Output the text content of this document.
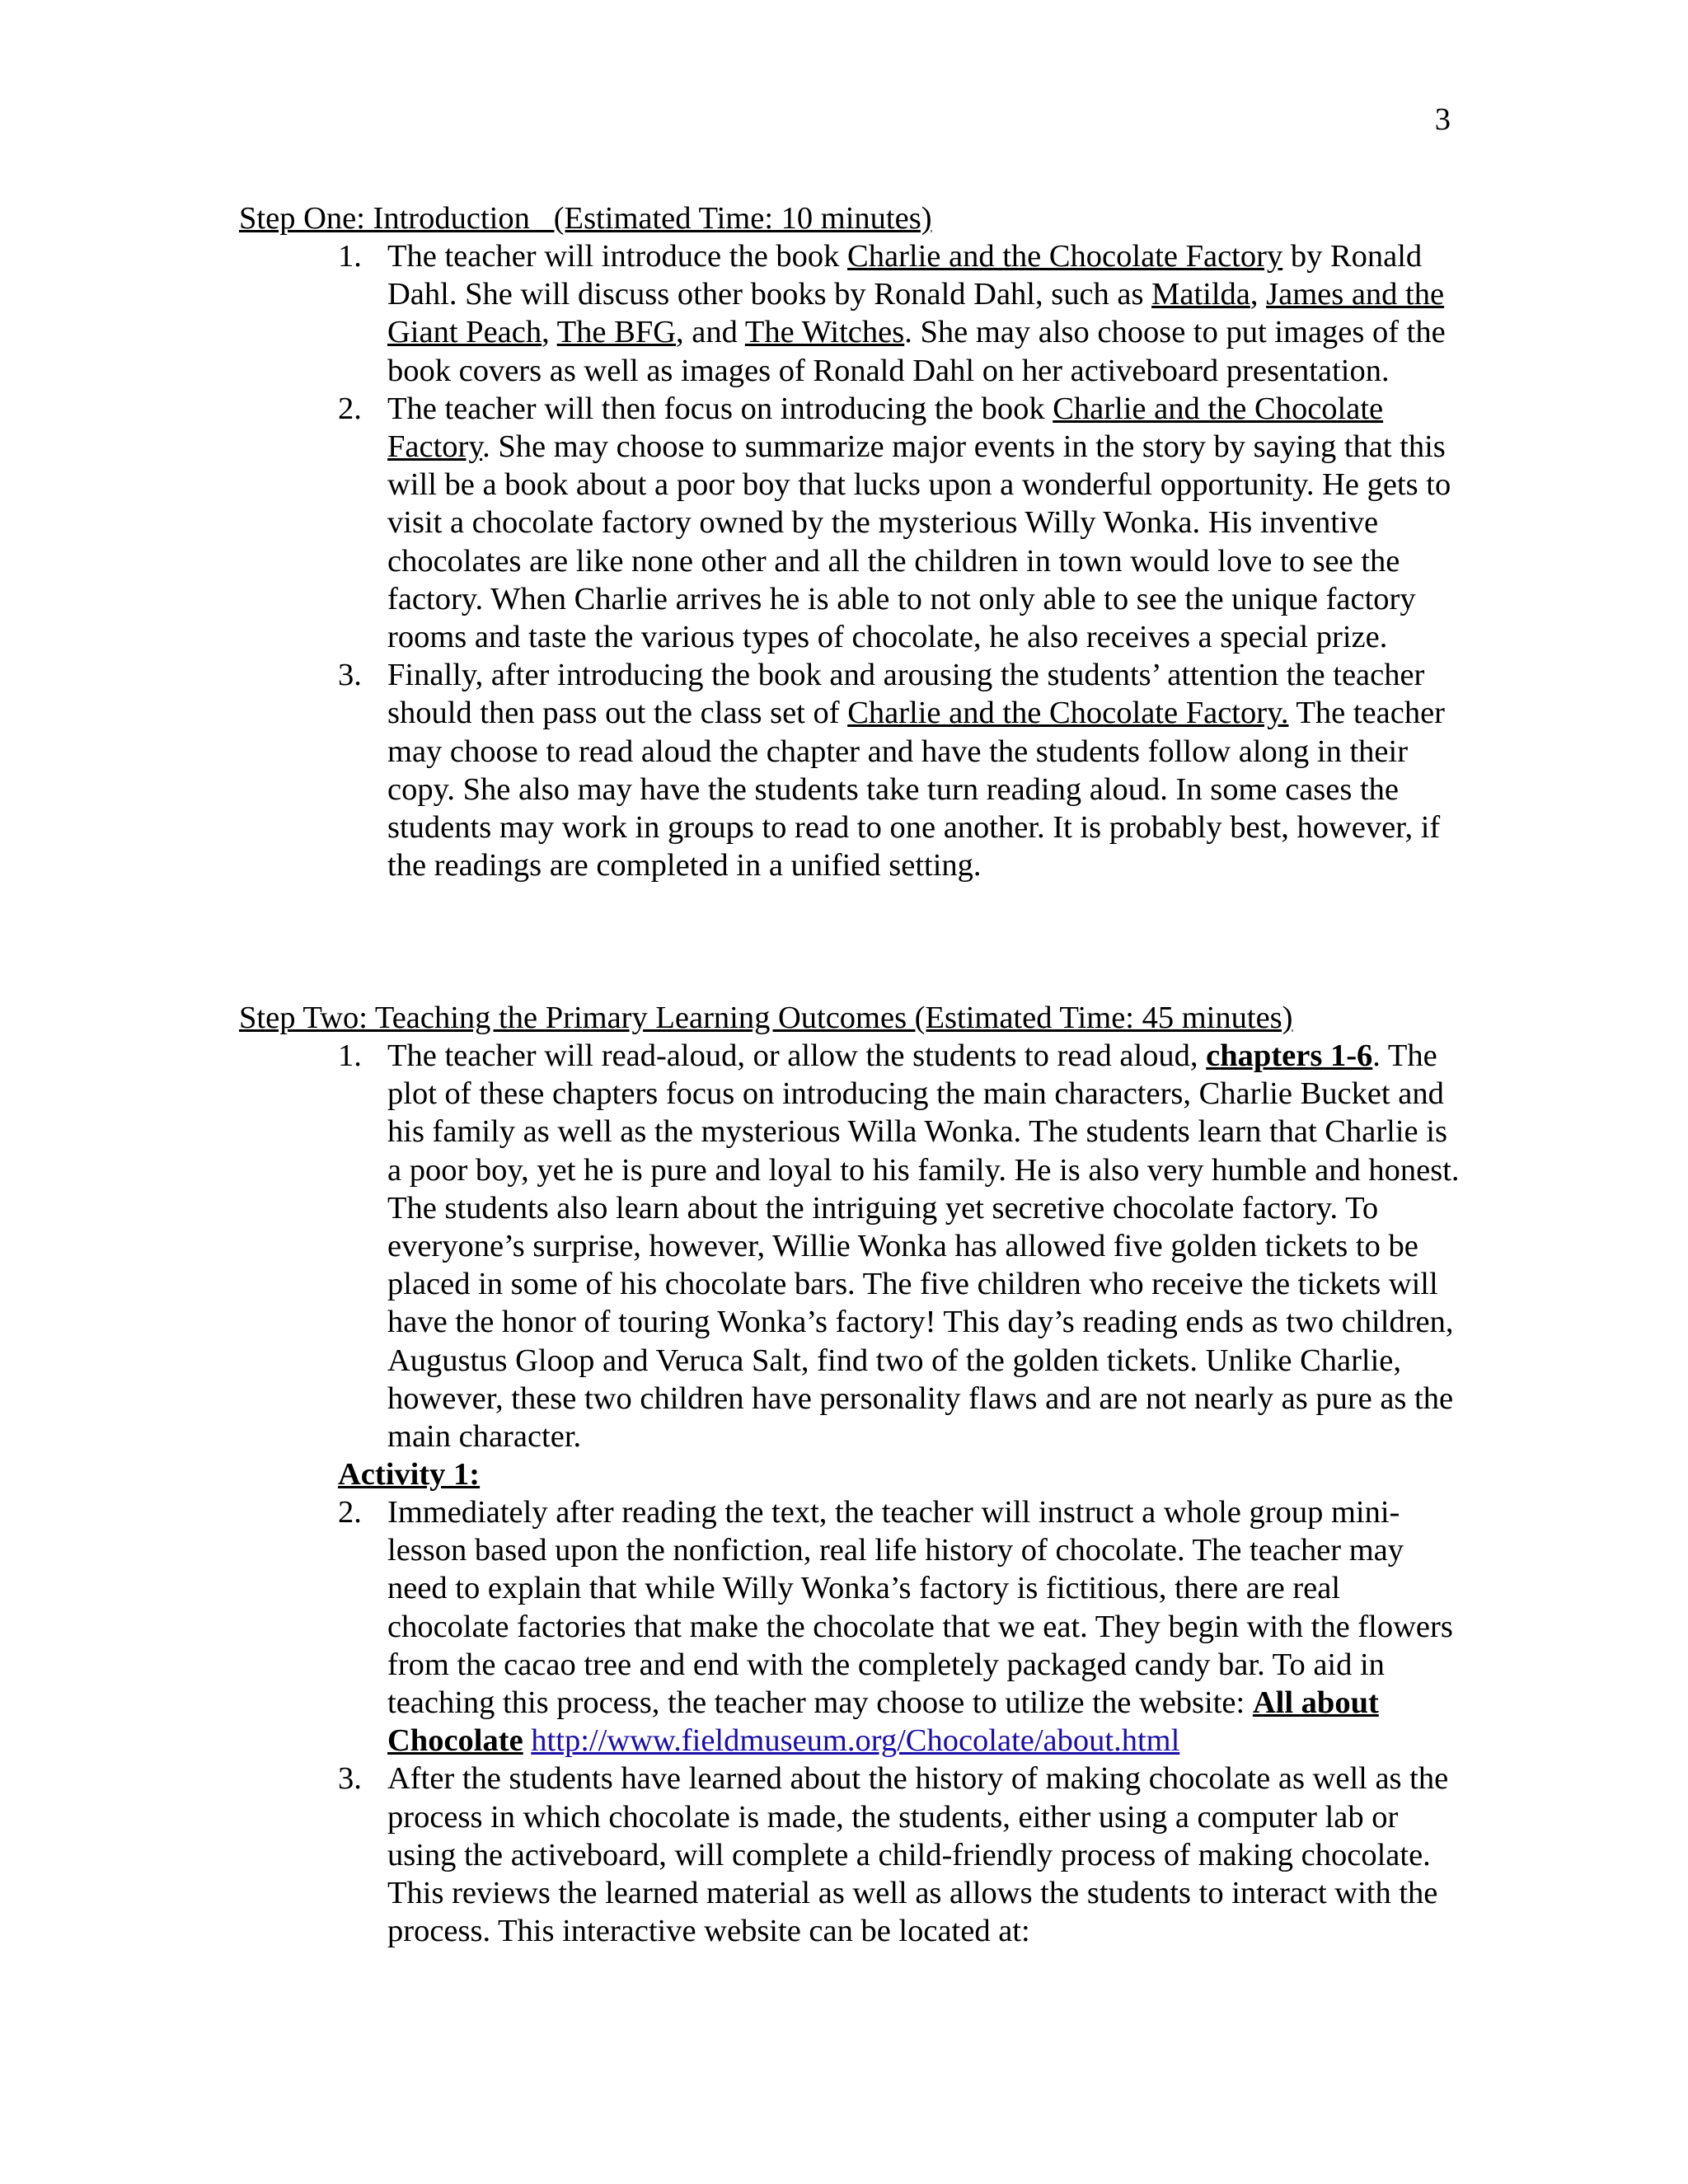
3
Step One: Introduction   (Estimated Time: 10 minutes)
1. The teacher will introduce the book Charlie and the Chocolate Factory by Ronald Dahl. She will discuss other books by Ronald Dahl, such as Matilda, James and the Giant Peach, The BFG, and The Witches. She may also choose to put images of the book covers as well as images of Ronald Dahl on her activeboard presentation.
2. The teacher will then focus on introducing the book Charlie and the Chocolate Factory. She may choose to summarize major events in the story by saying that this will be a book about a poor boy that lucks upon a wonderful opportunity. He gets to visit a chocolate factory owned by the mysterious Willy Wonka. His inventive chocolates are like none other and all the children in town would love to see the factory. When Charlie arrives he is able to not only able to see the unique factory rooms and taste the various types of chocolate, he also receives a special prize.
3. Finally, after introducing the book and arousing the students’ attention the teacher should then pass out the class set of Charlie and the Chocolate Factory. The teacher may choose to read aloud the chapter and have the students follow along in their copy. She also may have the students take turn reading aloud. In some cases the students may work in groups to read to one another. It is probably best, however, if the readings are completed in a unified setting.
Step Two: Teaching the Primary Learning Outcomes (Estimated Time: 45 minutes)
1. The teacher will read-aloud, or allow the students to read aloud, chapters 1-6. The plot of these chapters focus on introducing the main characters, Charlie Bucket and his family as well as the mysterious Willa Wonka. The students learn that Charlie is a poor boy, yet he is pure and loyal to his family. He is also very humble and honest. The students also learn about the intriguing yet secretive chocolate factory. To everyone’s surprise, however, Willie Wonka has allowed five golden tickets to be placed in some of his chocolate bars. The five children who receive the tickets will have the honor of touring Wonka’s factory! This day’s reading ends as two children, Augustus Gloop and Veruca Salt, find two of the golden tickets. Unlike Charlie, however, these two children have personality flaws and are not nearly as pure as the main character.
Activity 1:
2. Immediately after reading the text, the teacher will instruct a whole group mini-lesson based upon the nonfiction, real life history of chocolate. The teacher may need to explain that while Willy Wonka’s factory is fictitious, there are real chocolate factories that make the chocolate that we eat. They begin with the flowers from the cacao tree and end with the completely packaged candy bar. To aid in teaching this process, the teacher may choose to utilize the website: All about Chocolate http://www.fieldmuseum.org/Chocolate/about.html
3. After the students have learned about the history of making chocolate as well as the process in which chocolate is made, the students, either using a computer lab or using the activeboard, will complete a child-friendly process of making chocolate. This reviews the learned material as well as allows the students to interact with the process. This interactive website can be located at:
